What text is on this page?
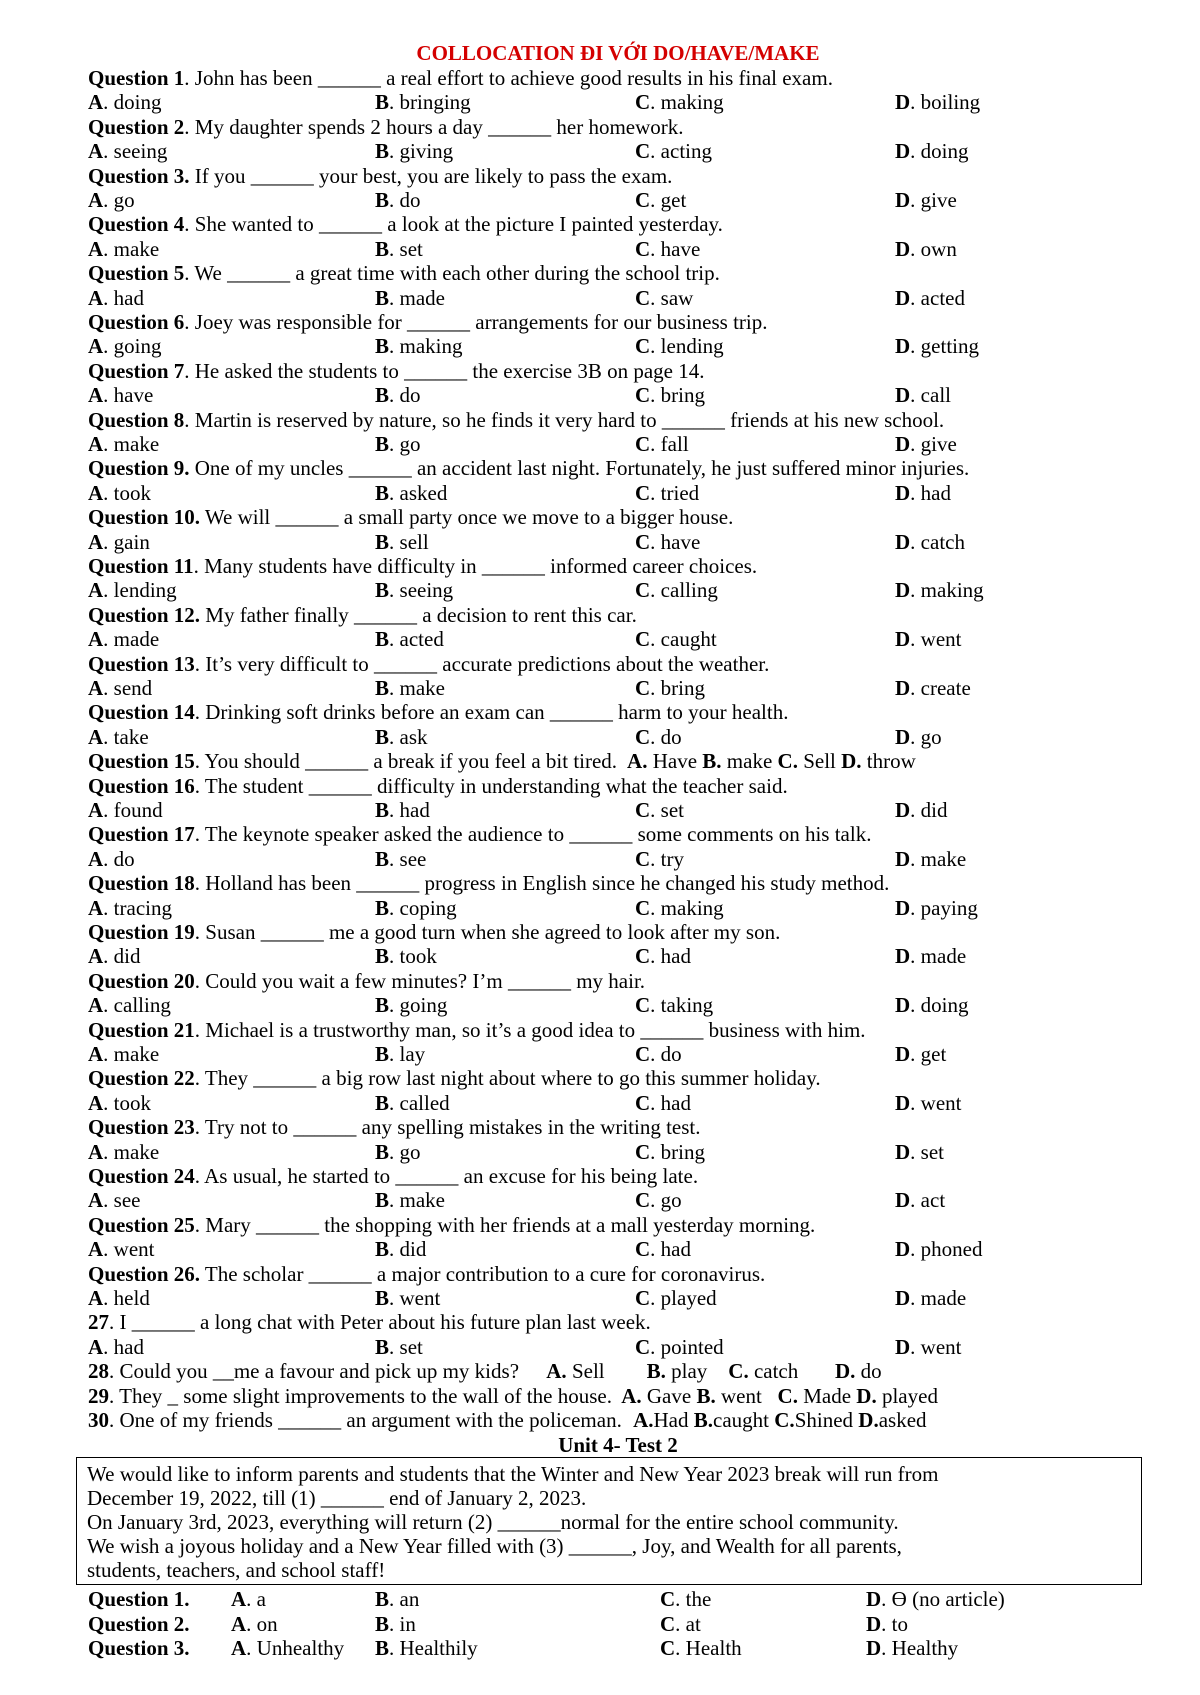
COLLOCATION ĐI VỚI DO/HAVE/MAKE
Question 1. John has been ______ a real effort to achieve good results in his final exam.
A. doing	B. bringing	C. making	D. boiling
Question 2. My daughter spends 2 hours a day ______ her homework.
A. seeing	B. giving	C. acting	D. doing
Question 3. If you ______ your best, you are likely to pass the exam.
A. go	B. do	C. get	D. give
Question 4. She wanted to ______ a look at the picture I painted yesterday.
A. make	B. set	C. have	D. own
Question 5. We ______ a great time with each other during the school trip.
A. had	B. made	C. saw	D. acted
Question 6. Joey was responsible for ______ arrangements for our business trip.
A. going	B. making	C. lending	D. getting
Question 7. He asked the students to ______ the exercise 3B on page 14.
A. have	B. do	C. bring	D. call
Question 8. Martin is reserved by nature, so he finds it very hard to ______ friends at his new school.
A. make	B. go	C. fall	D. give
Question 9. One of my uncles ______ an accident last night. Fortunately, he just suffered minor injuries.
A. took	B. asked	C. tried	D. had
Question 10. We will ______ a small party once we move to a bigger house.
A. gain	B. sell	C. have	D. catch
Question 11. Many students have difficulty in ______ informed career choices.
A. lending	B. seeing	C. calling	D. making
Question 12. My father finally ______ a decision to rent this car.
A. made	B. acted	C. caught	D. went
Question 13. It’s very difficult to ______ accurate predictions about the weather.
A. send	B. make	C. bring	D. create
Question 14. Drinking soft drinks before an exam can ______ harm to your health.
A. take	B. ask	C. do	D. go
Question 15. You should ______ a break if you feel a bit tired. A. Have B. make C. Sell D. throw
Question 16. The student ______ difficulty in understanding what the teacher said.
A. found	B. had	C. set	D. did
Question 17. The keynote speaker asked the audience to ______ some comments on his talk.
A. do	B. see	C. try	D. make
Question 18. Holland has been ______ progress in English since he changed his study method.
A. tracing	B. coping	C. making	D. paying
Question 19. Susan ______ me a good turn when she agreed to look after my son.
A. did	B. took	C. had	D. made
Question 20. Could you wait a few minutes? I’m ______ my hair.
A. calling	B. going	C. taking	D. doing
Question 21. Michael is a trustworthy man, so it’s a good idea to ______ business with him.
A. make	B. lay	C. do	D. get
Question 22. They ______ a big row last night about where to go this summer holiday.
A. took	B. called	C. had	D. went
Question 23. Try not to ______ any spelling mistakes in the writing test.
A. make	B. go	C. bring	D. set
Question 24. As usual, he started to ______ an excuse for his being late.
A. see	B. make	C. go	D. act
Question 25. Mary ______ the shopping with her friends at a mall yesterday morning.
A. went	B. did	C. had	D. phoned
Question 26. The scholar ______ a major contribution to a cure for coronavirus.
A. held	B. went	C. played	D. made
27. I ______ a long chat with Peter about his future plan last week.
A. had	B. set	C. pointed	D. went
28. Could you __me a favour and pick up my kids? A. Sell B. play C. catch D. do
29. They _ some slight improvements to the wall of the house. A. Gave B. went C. Made D. played
30. One of my friends ______ an argument with the policeman. A.Had B.caught C.Shined D.asked
Unit 4- Test 2
We would like to inform parents and students that the Winter and New Year 2023 break will run from
December 19, 2022, till (1) ______ end of January 2, 2023.
On January 3rd, 2023, everything will return (2) ______normal for the entire school community.
We wish a joyous holiday and a New Year filled with (3) ______, Joy, and Wealth for all parents,
students, teachers, and school staff!
Question 1. A. a	B. an	C. the	D. Ө (no article)
Question 2. A. on	B. in	C. at	D. to
Question 3. A. Unhealthy B. Healthily	C. Health	D. Healthy
